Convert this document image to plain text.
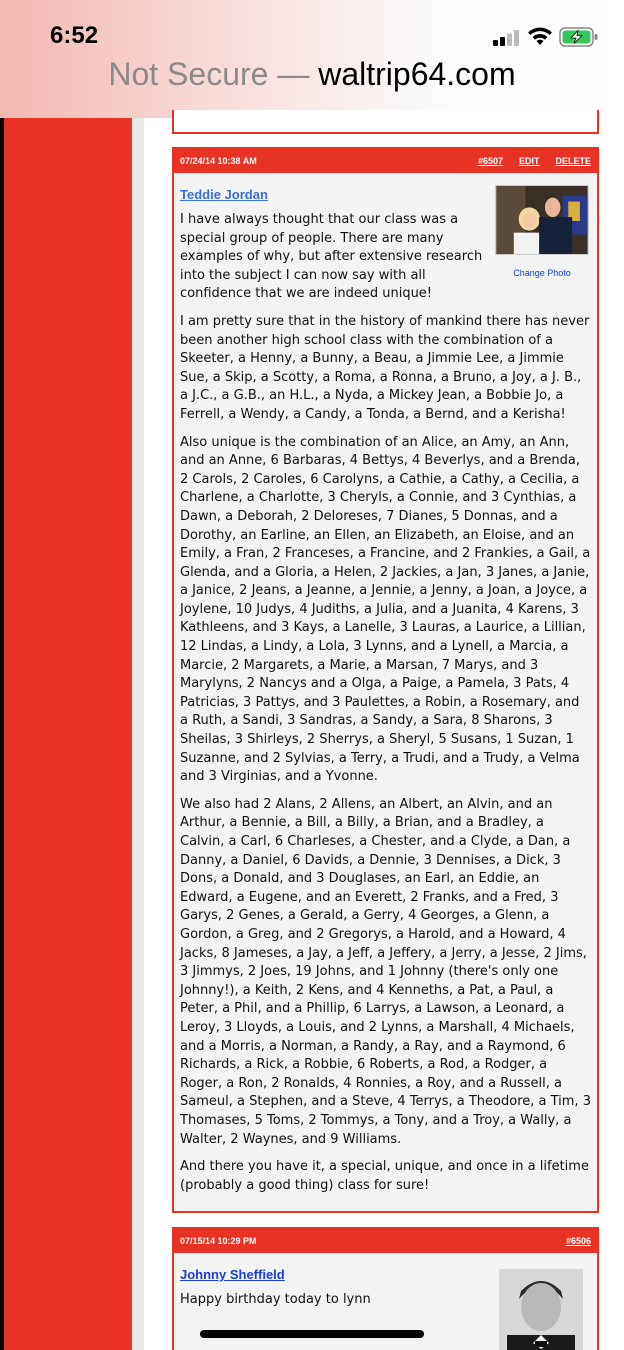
6:52
Not Secure — waltrip64.com
07/24/14 10:38 AM	#6507 EDIT DELETE
Change Photo
Teddie Jordan

I have always thought that our class was a special group of people. There are many examples of why, but after extensive research into the subject I can now say with all confidence that we are indeed unique!

I am pretty sure that in the history of mankind there has never been another high school class with the combination of a Skeeter, a Henny, a Bunny, a Beau, a Jimmie Lee, a Jimmie Sue, a Skip, a Scotty, a Roma, a Ronna, a Bruno, a Joy, a J. B., a J.C., a G.B., an H.L., a Nyda, a Mickey Jean, a Bobbie Jo, a Ferrell, a Wendy, a Candy, a Tonda, a Bernd, and a Kerisha!

Also unique is the combination of an Alice, an Amy, an Ann, and an Anne, 6 Barbaras, 4 Bettys, 4 Beverlys, and a Brenda, 2 Carols, 2 Caroles, 6 Carolyns, a Cathie, a Cathy, a Cecilia, a Charlene, a Charlotte, 3 Cheryls, a Connie, and 3 Cynthias, a Dawn, a Deborah, 2 Deloreses, 7 Dianes, 5 Donnas, and a Dorothy, an Earline, an Ellen, an Elizabeth, an Eloise, and an Emily, a Fran, 2 Franceses, a Francine, and 2 Frankies, a Gail, a Glenda, and a Gloria, a Helen, 2 Jackies, a Jan, 3 Janes, a Janie, a Janice, 2 Jeans, a Jeanne, a Jennie, a Jenny, a Joan, a Joyce, a Joylene, 10 Judys, 4 Judiths, a Julia, and a Juanita, 4 Karens, 3 Kathleens, and 3 Kays, a Lanelle, 3 Lauras, a Laurice, a Lillian, 12 Lindas, a Lindy, a Lola, 3 Lynns, and a Lynell, a Marcia, a Marcie, 2 Margarets, a Marie, a Marsan, 7 Marys, and 3 Marylyns, 2 Nancys and a Olga, a Paige, a Pamela, 3 Pats, 4 Patricias, 3 Pattys, and 3 Paulettes, a Robin, a Rosemary, and a Ruth, a Sandi, 3 Sandras, a Sandy, a Sara, 8 Sharons, 3 Sheilas, 3 Shirleys, 2 Sherrys, a Sheryl, 5 Susans, 1 Suzan, 1 Suzanne, and 2 Sylvias, a Terry, a Trudi, and a Trudy, a Velma and 3 Virginias, and a Yvonne.

We also had 2 Alans, 2 Allens, an Albert, an Alvin, and an Arthur, a Bennie, a Bill, a Billy, a Brian, and a Bradley, a Calvin, a Carl, 6 Charleses, a Chester, and a Clyde, a Dan, a Danny, a Daniel, 6 Davids, a Dennie, 3 Dennises, a Dick, 3 Dons, a Donald, and 3 Douglases, an Earl, an Eddie, an Edward, a Eugene, and an Everett, 2 Franks, and a Fred, 3 Garys, 2 Genes, a Gerald, a Gerry, 4 Georges, a Glenn, a Gordon, a Greg, and 2 Gregorys, a Harold, and a Howard, 4 Jacks, 8 Jameses, a Jay, a Jeff, a Jeffery, a Jerry, a Jesse, 2 Jims, 3 Jimmys, 2 Joes, 19 Johns, and 1 Johnny (there's only one Johnny!), a Keith, 2 Kens, and 4 Kenneths, a Pat, a Paul, a Peter, a Phil, and a Phillip, 6 Larrys, a Lawson, a Leonard, a Leroy, 3 Lloyds, a Louis, and 2 Lynns, a Marshall, 4 Michaels, and a Morris, a Norman, a Randy, a Ray, and a Raymond, 6 Richards, a Rick, a Robbie, 6 Roberts, a Rod, a Rodger, a Roger, a Ron, 2 Ronalds, 4 Ronnies, a Roy, and a Russell, a Sameul, a Stephen, and a Steve, 4 Terrys, a Theodore, a Tim, 3 Thomases, 5 Toms, 2 Tommys, a Tony, and a Troy, a Wally, a Walter, 2 Waynes, and 9 Williams.

And there you have it, a special, unique, and once in a lifetime (probably a good thing) class for sure!

07/15/14 10:29 PM	#6506
Johnny Sheffield

Happy birthday today to lynn
